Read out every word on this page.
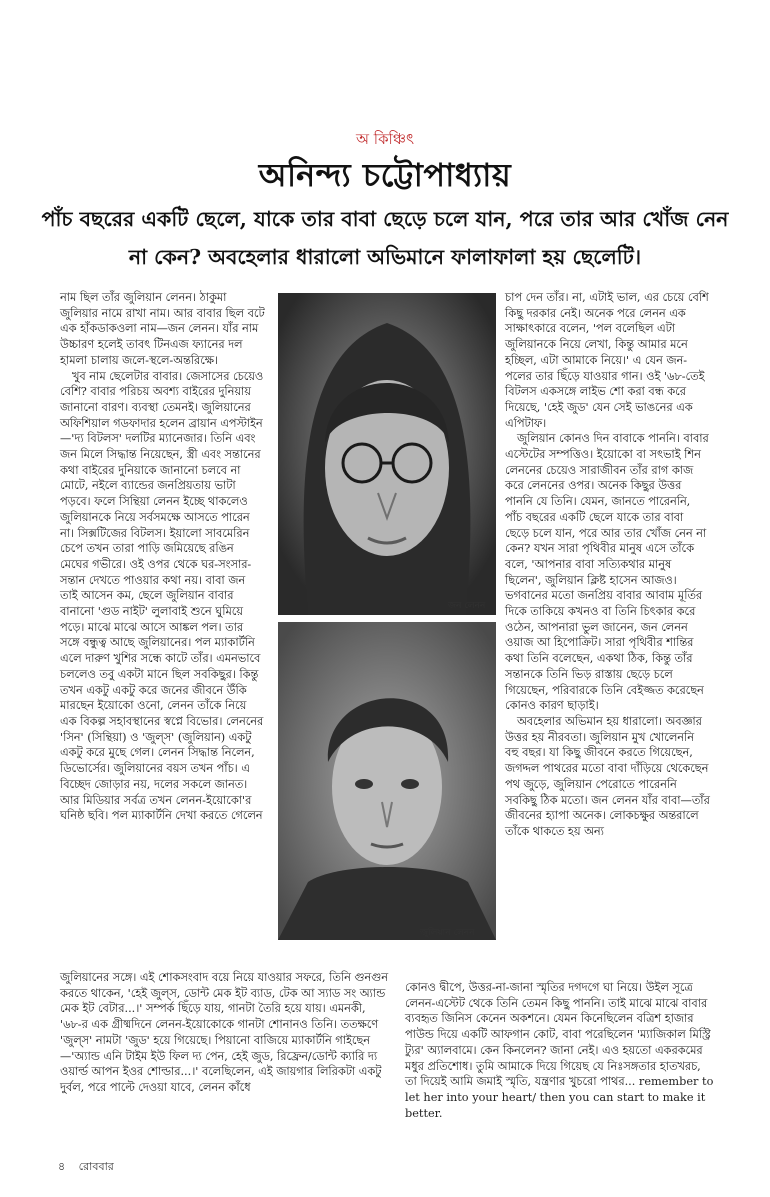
অ কিঞ্চিৎ
অনিন্দ্য চট্টোপাধ্যায়
পাঁচ বছরের একটি ছেলে, যাকে তার বাবা ছেড়ে চলে যান, পরে তার আর খোঁজ নেন না কেন? অবহেলার ধারালো অভিমানে ফালাফালা হয় ছেলেটি।

নাম ছিল তাঁর জুলিয়ান লেনন। ঠাকুমা জুলিয়ার নামে রাখা নাম। আর বাবার ছিল বটে এক হাঁকডাকওলা নাম—জন লেনন। যাঁর নাম উচ্চারণ হলেই তাবৎ টিনএজ ফ্যানের দল হামলা চালায় জলে-স্থলে-অন্তরিক্ষে।

খুব নাম ছেলেটার বাবার। জেসাসের চেয়েও বেশি? বাবার পরিচয় অবশ্য বাইরের দুনিয়ায় জানানো বারণ। ব্যবস্থা তেমনই। জুলিয়ানের অফিশিয়াল গডফাদার হলেন ব্রায়ান এপস্টাইন—'দ্য বিটলস' দলটির ম্যানেজার। তিনি এবং জন মিলে সিদ্ধান্ত নিয়েছেন, স্ত্রী এবং সন্তানের কথা বাইরের দুনিয়াকে জানানো চলবে না মোটে, নইলে ব্যান্ডের জনপ্রিয়তায় ভাটা পড়বে। ফলে সিন্থিয়া লেনন ইচ্ছে থাকলেও জুলিয়ানকে নিয়ে সর্বসমক্ষে আসতে পারেন না। সিক্সটিজের বিটলস। ইয়ালো সাবমেরিন চেপে তখন তারা পাড়ি জমিয়েছে রঙিন মেঘের গভীরে। ওই ওপর থেকে ঘর-সংসার-সন্তান দেখতে পাওয়ার কথা নয়। বাবা জন তাই আসেন কম, ছেলে জুলিয়ান বাবার বানানো 'গুড নাইট' লুলাবাই শুনে ঘুমিয়ে পড়ে। মাঝে মাঝে আসে আঙ্কল পল। তার সঙ্গে বন্ধুত্ব আছে জুলিয়ানের। পল ম্যাকার্টনি এলে দারুণ খুশির সন্ধে কাটে তাঁর। এমনভাবে চললেও তবু একটা মানে ছিল সবকিছুর। কিন্তু তখন একটু একটু করে জনের জীবনে উঁকি মারছেন ইয়োকো ওনো, লেনন তাঁকে নিয়ে এক বিকল্প সহাবস্থানের স্বপ্নে বিভোর। লেননের 'সিন' (সিন্থিয়া) ও 'জুল্স' (জুলিয়ান) একটু একটু করে মুছে গেল। লেনন সিদ্ধান্ত নিলেন, ডিভোর্সের। জুলিয়ানের বয়স তখন পাঁচ। এ বিচ্ছেদ জোড়ার নয়, দলের সকলে জানত। আর মিডিয়ার সর্বত্র তখন লেনন-ইয়োকো'র ঘনিষ্ঠ ছবি। পল ম্যাকার্টনি দেখা করতে গেলেন

জন লেনন
জুলিয়ান লেনন

চাপ দেন তাঁর। না, এটাই ভাল, এর চেয়ে বেশি কিছু দরকার নেই। অনেক পরে লেনন এক সাক্ষাৎকারে বলেন, 'পল বলেছিল এটা জুলিয়ানকে নিয়ে লেখা, কিন্তু আমার মনে হচ্ছিল, এটা আমাকে নিয়ে।' এ যেন জন-পলের তার ছিঁড়ে যাওয়ার গান। ওই '৬৮-তেই বিটলস একসঙ্গে লাইভ শো করা বন্ধ করে দিয়েছে, 'হেই জুড' যেন সেই ভাঙনের এক এপিটাফ।

জুলিয়ান কোনও দিন বাবাকে পাননি। বাবার এস্টেটের সম্পত্তিও। ইয়োকো বা সৎভাই শিন লেননের চেয়েও সারাজীবন তাঁর রাগ কাজ করে লেননের ওপর। অনেক কিছুর উত্তর পাননি যে তিনি। যেমন, জানতে পারেননি, পাঁচ বছরের একটি ছেলে যাকে তার বাবা ছেড়ে চলে যান, পরে আর তার খোঁজ নেন না কেন? যখন সারা পৃথিবীর মানুষ এসে তাঁকে বলে, 'আপনার বাবা সত্যিকথার মানুষ ছিলেন', জুলিয়ান ক্লিষ্ট হাসেন আজও। ভগবানের মতো জনপ্রিয় বাবার আবাম মূর্তির দিকে তাকিয়ে কখনও বা তিনি চিৎকার করে ওঠেন, আপনারা ভুল জানেন, জন লেনন ওয়াজ আ হিপোক্রিট। সারা পৃথিবীর শান্তির কথা তিনি বলেছেন, একথা ঠিক, কিন্তু তাঁর সন্তানকে তিনি ভিড় রাস্তায় ছেড়ে চলে গিয়েছেন, পরিবারকে তিনি বেইজ্জত করেছেন কোনও কারণ ছাড়াই।

অবহেলার অভিমান হয় ধারালো। অবজ্ঞার উত্তর হয় নীরবতা। জুলিয়ান মুখ খোলেননি বহু বছর। যা কিছু জীবনে করতে গিয়েছেন, জগদ্দল পাথরের মতো বাবা দাঁড়িয়ে থেকেছেন পথ জুড়ে, জুলিয়ান পেরোতে পারেননি সবকিছু ঠিক মতো। জন লেনন যাঁর বাবা—তাঁর জীবনের হ্যাপা অনেক। লোকচক্ষুর অন্তরালে তাঁকে থাকতে হয় অন্য

জুলিয়ানের সঙ্গে। এই শোকসংবাদ বয়ে নিয়ে যাওয়ার সফরে, তিনি গুনগুন করতে থাকেন, 'হেই জুল্স, ডোন্ট মেক ইট ব্যাড, টেক আ স্যাড সং অ্যান্ড মেক ইট বেটার...।' সম্পর্ক ছিঁড়ে যায়, গানটা তৈরি হয়ে যায়। এমনকী, '৬৮-র এক গ্রীষ্মদিনে লেনন-ইয়োকোকে গানটা শোনানও তিনি। ততক্ষণে 'জুল্স' নামটা 'জুড' হয়ে গিয়েছে। পিয়ানো বাজিয়ে ম্যাকার্টনি গাইছেন—'অ্যান্ড এনি টাইম ইউ ফিল দ্য পেন, হেই জুড, রিফ্রেন/ডোন্ট ক্যারি দ্য ওয়ার্ল্ড আপন ইওর শোল্ডার...।' বলেছিলেন, এই জায়গার লিরিকটা একটু দুর্বল, পরে পাল্টে দেওয়া যাবে, লেনন কাঁধে

কোনও দ্বীপে, উত্তর-না-জানা স্মৃতির দগদগে ঘা নিয়ে। উইল সূত্রে লেনন-এস্টেট থেকে তিনি তেমন কিছু পাননি। তাই মাঝে মাঝে বাবার ব্যবহৃত জিনিস কেনেন অকশনে। যেমন কিনেছিলেন বত্রিশ হাজার পাউন্ড দিয়ে একটি আফগান কোট, বাবা পরেছিলেন 'ম্যাজিকাল মিস্ট্রি ট্যুর' অ্যালবামে। কেন কিনলেন? জানা নেই। এও হয়তো একরকমের মধুর প্রতিশোধ। তুমি আমাকে দিয়ে গিয়েছ যে নিঃসঙ্গতার হাতখরচ, তা দিয়েই আমি জমাই স্মৃতি, যন্ত্রণার খুচরো পাথর... remember to let her into your heart/ then you can start to make it better.

৪ রোববার
